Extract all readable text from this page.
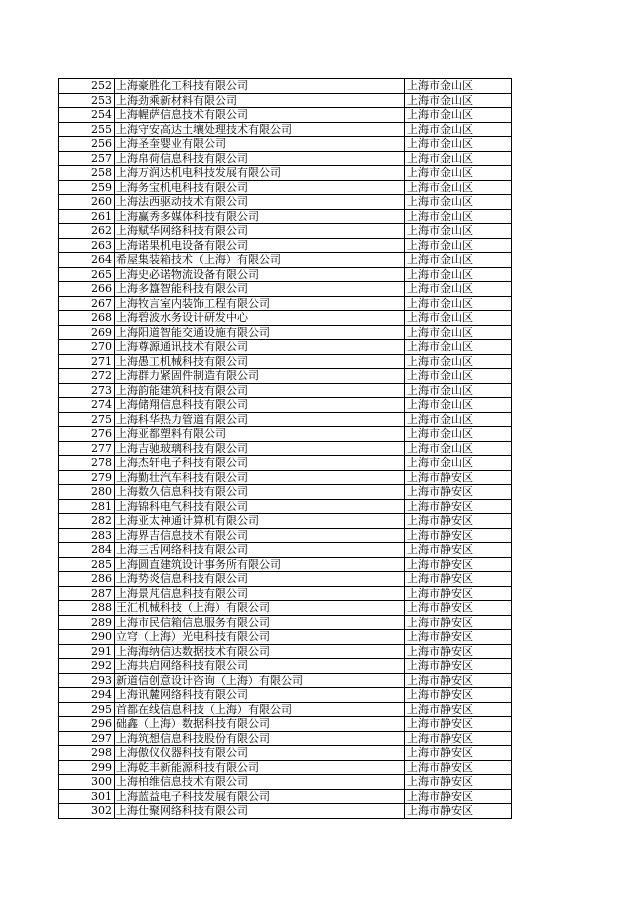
252	上海豪胜化工科技有限公司	上海市金山区
253	上海劲乘新材料有限公司	上海市金山区
254	上海幄萨信息技术有限公司	上海市金山区
255	上海守安高达土壤处理技术有限公司	上海市金山区
256	上海圣奎婴业有限公司	上海市金山区
257	上海帛荷信息科技有限公司	上海市金山区
258	上海万润达机电科技发展有限公司	上海市金山区
259	上海务宝机电科技有限公司	上海市金山区
260	上海法西驱动技术有限公司	上海市金山区
261	上海赢秀多媒体科技有限公司	上海市金山区
262	上海赋华网络科技有限公司	上海市金山区
263	上海诺果机电设备有限公司	上海市金山区
264	希屋集装箱技术（上海）有限公司	上海市金山区
265	上海史必诺物流设备有限公司	上海市金山区
266	上海多簋智能科技有限公司	上海市金山区
267	上海牧言室内装饰工程有限公司	上海市金山区
268	上海碧波水务设计研发中心	上海市金山区
269	上海阳道智能交通设施有限公司	上海市金山区
270	上海尊源通讯技术有限公司	上海市金山区
271	上海愚工机械科技有限公司	上海市金山区
272	上海群力紧固件制造有限公司	上海市金山区
273	上海韵能建筑科技有限公司	上海市金山区
274	上海储翔信息科技有限公司	上海市金山区
275	上海科华热力管道有限公司	上海市金山区
276	上海亚都塑料有限公司	上海市金山区
277	上海吉驰玻璃科技有限公司	上海市金山区
278	上海杰轩电子科技有限公司	上海市金山区
279	上海勤壮汽车科技有限公司	上海市静安区
280	上海数久信息科技有限公司	上海市静安区
281	上海锦科电气科技有限公司	上海市静安区
282	上海亚太神通计算机有限公司	上海市静安区
283	上海界吉信息技术有限公司	上海市静安区
284	上海三舌网络科技有限公司	上海市静安区
285	上海圆直建筑设计事务所有限公司	上海市静安区
286	上海势炎信息科技有限公司	上海市静安区
287	上海景芃信息科技有限公司	上海市静安区
288	王汇机械科技（上海）有限公司	上海市静安区
289	上海市民信箱信息服务有限公司	上海市静安区
290	立穹（上海）光电科技有限公司	上海市静安区
291	上海海纳信达数据技术有限公司	上海市静安区
292	上海共启网络科技有限公司	上海市静安区
293	新道信创意设计咨询（上海）有限公司	上海市静安区
294	上海讯麓网络科技有限公司	上海市静安区
295	首都在线信息科技（上海）有限公司	上海市静安区
296	础鑫（上海）数据科技有限公司	上海市静安区
297	上海筑想信息科技股份有限公司	上海市静安区
298	上海傲仪仪器科技有限公司	上海市静安区
299	上海乾丰新能源科技有限公司	上海市静安区
300	上海柏维信息技术有限公司	上海市静安区
301	上海蓝益电子科技发展有限公司	上海市静安区
302	上海仕聚网络科技有限公司	上海市静安区
